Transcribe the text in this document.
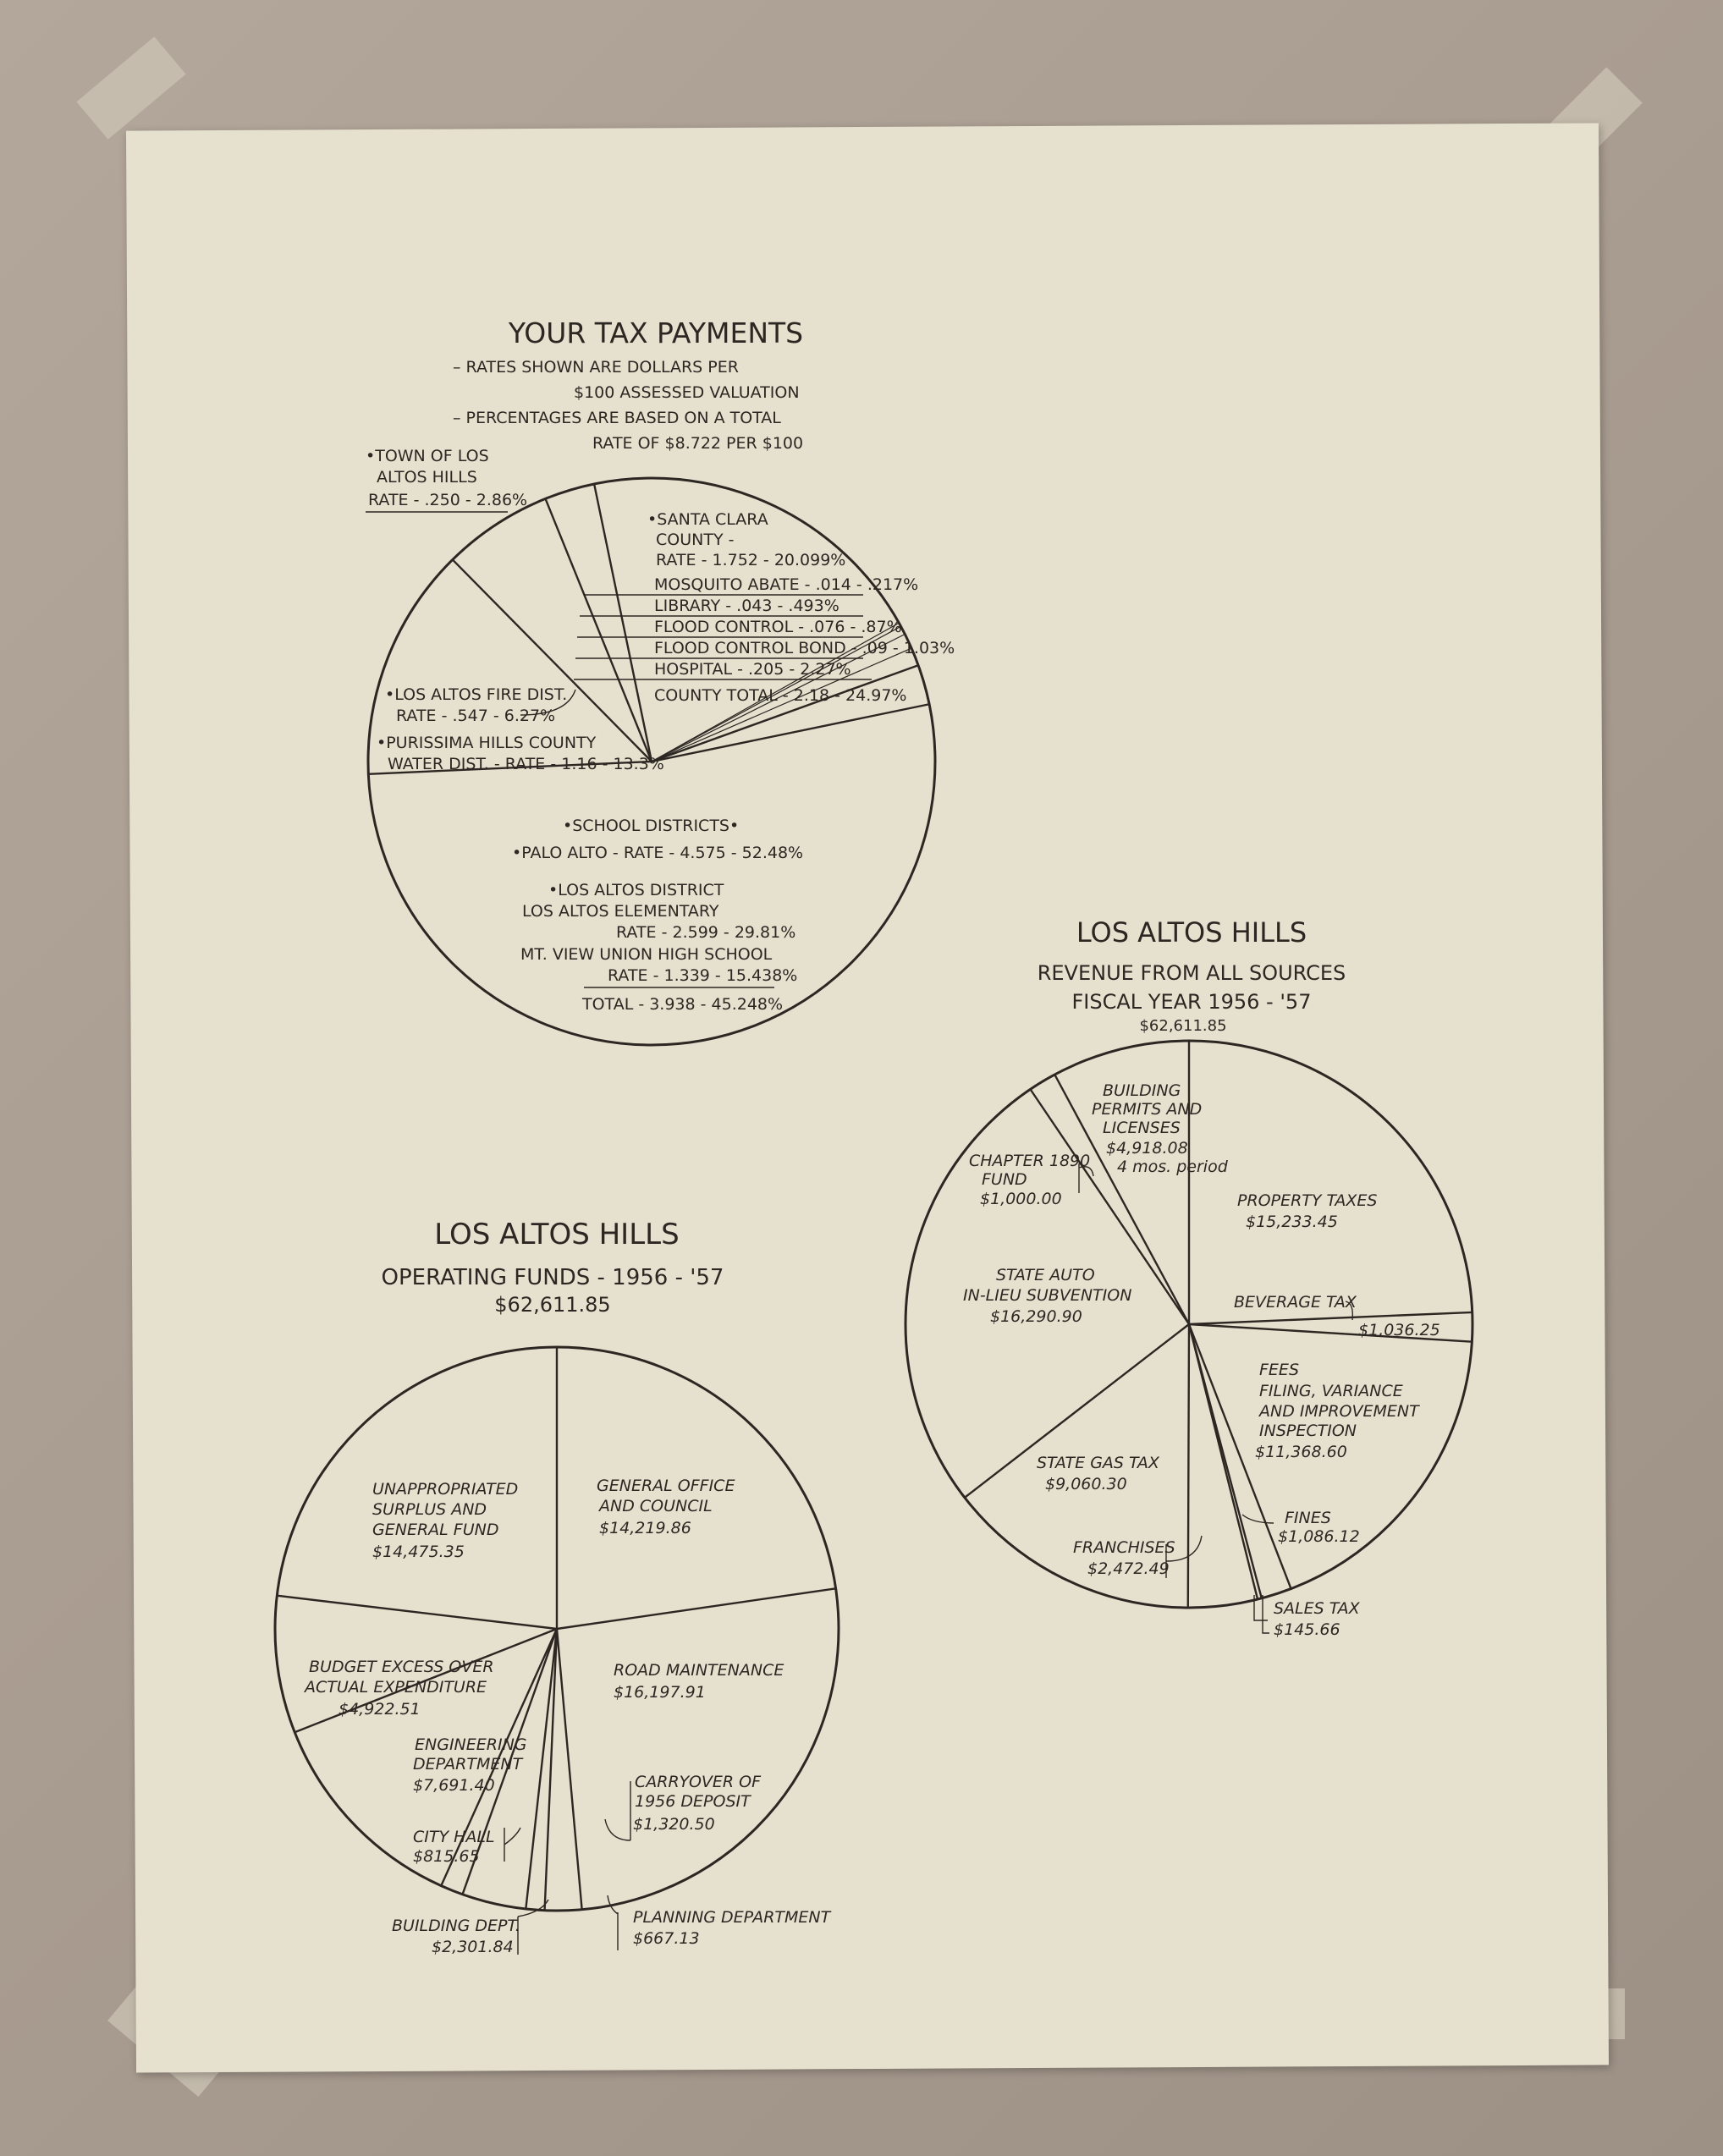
YOUR TAX PAYMENTS
– RATES SHOWN ARE DOLLARS PER
$100 ASSESSED VALUATION
– PERCENTAGES ARE BASED ON A TOTAL
RATE OF $8.722 PER $100
•TOWN OF LOS
ALTOS HILLS
RATE - .250 - 2.86%
•SANTA CLARA
COUNTY -
RATE - 1.752 - 20.099%
MOSQUITO ABATE - .014 - .217%
LIBRARY - .043 - .493%
FLOOD CONTROL - .076 - .87%
FLOOD CONTROL BOND - .09 - 1.03%
HOSPITAL - .205 - 2.27%
COUNTY TOTAL - 2.18 - 24.97%
•LOS ALTOS FIRE DIST.
RATE - .547 - 6.27%
•PURISSIMA HILLS COUNTY
WATER DIST. - RATE - 1.16 - 13.3%
•SCHOOL DISTRICTS•
•PALO ALTO - RATE - 4.575 - 52.48%
•LOS ALTOS DISTRICT
LOS ALTOS ELEMENTARY
RATE - 2.599 - 29.81%
MT. VIEW UNION HIGH SCHOOL
RATE - 1.339 - 15.438%
TOTAL - 3.938 - 45.248%
LOS ALTOS HILLS
OPERATING FUNDS - 1956 - '57
$62,611.85
GENERAL OFFICE
AND COUNCIL
$14,219.86
UNAPPROPRIATED
SURPLUS AND
GENERAL FUND
$14,475.35
ROAD MAINTENANCE
$16,197.91
BUDGET EXCESS OVER
ACTUAL EXPENDITURE
$4,922.51
ENGINEERING
DEPARTMENT
$7,691.40	CARRYOVER OF
1956 DEPOSIT
$1,320.50
CITY HALL
$815.65
BUILDING DEPT.
$2,301.84
PLANNING DEPARTMENT
$667.13
LOS ALTOS HILLS
REVENUE FROM ALL SOURCES
FISCAL YEAR 1956 - '57
$62,611.85
PROPERTY TAXES
$15,233.45
BEVERAGE TAX
$1,036.25
FEES
FILING, VARIANCE
AND IMPROVEMENT
INSPECTION
$11,368.60
FINES
$1,086.12
SALES TAX
$145.66
FRANCHISES
$2,472.49
STATE GAS TAX
$9,060.30
STATE AUTO
IN-LIEU SUBVENTION
$16,290.90
CHAPTER 1890
FUND
$1,000.00
BUILDING
PERMITS AND
LICENSES
$4,918.08
4 mos. period
